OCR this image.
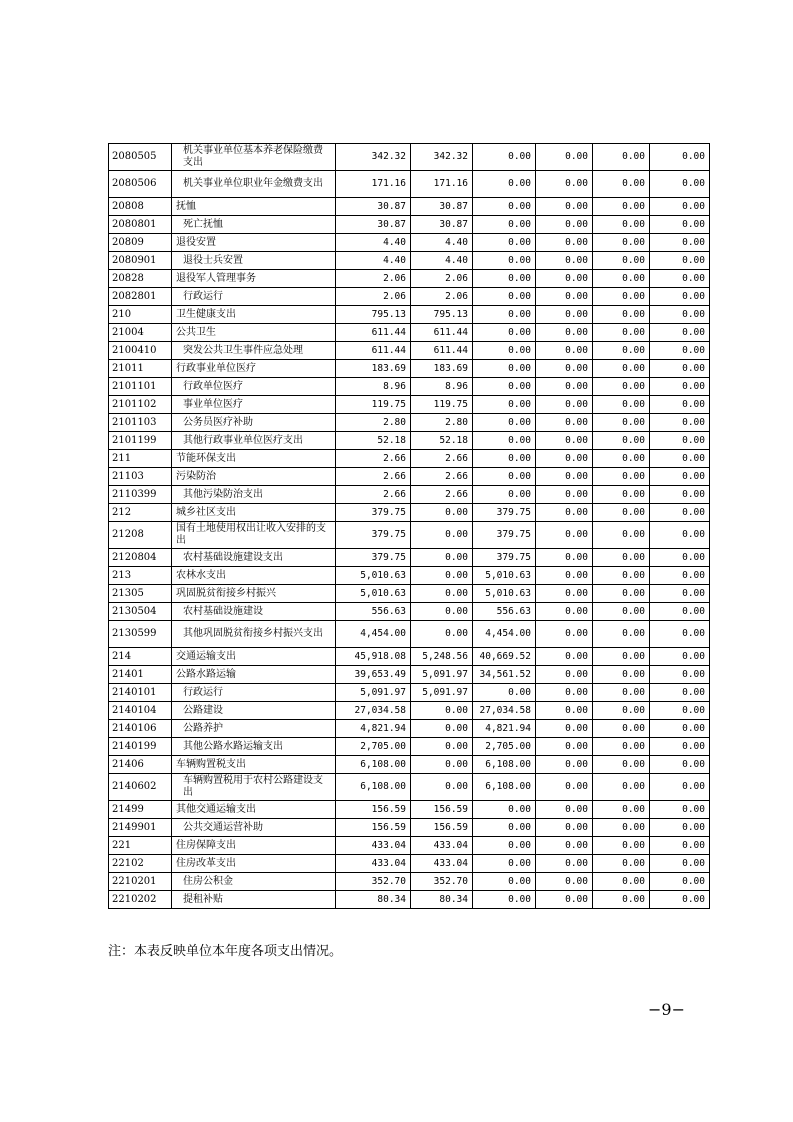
2080505	机关事业单位基本养老保险缴费支出	342.32	342.32	0.00	0.00	0.00	0.00
2080506	机关事业单位职业年金缴费支出	171.16	171.16	0.00	0.00	0.00	0.00
20808	抚恤	30.87	30.87	0.00	0.00	0.00	0.00
2080801	死亡抚恤	30.87	30.87	0.00	0.00	0.00	0.00
20809	退役安置	4.40	4.40	0.00	0.00	0.00	0.00
2080901	退役士兵安置	4.40	4.40	0.00	0.00	0.00	0.00
20828	退役军人管理事务	2.06	2.06	0.00	0.00	0.00	0.00
2082801	行政运行	2.06	2.06	0.00	0.00	0.00	0.00
210	卫生健康支出	795.13	795.13	0.00	0.00	0.00	0.00
21004	公共卫生	611.44	611.44	0.00	0.00	0.00	0.00
2100410	突发公共卫生事件应急处理	611.44	611.44	0.00	0.00	0.00	0.00
21011	行政事业单位医疗	183.69	183.69	0.00	0.00	0.00	0.00
2101101	行政单位医疗	8.96	8.96	0.00	0.00	0.00	0.00
2101102	事业单位医疗	119.75	119.75	0.00	0.00	0.00	0.00
2101103	公务员医疗补助	2.80	2.80	0.00	0.00	0.00	0.00
2101199	其他行政事业单位医疗支出	52.18	52.18	0.00	0.00	0.00	0.00
211	节能环保支出	2.66	2.66	0.00	0.00	0.00	0.00
21103	污染防治	2.66	2.66	0.00	0.00	0.00	0.00
2110399	其他污染防治支出	2.66	2.66	0.00	0.00	0.00	0.00
212	城乡社区支出	379.75	0.00	379.75	0.00	0.00	0.00
21208	国有土地使用权出让收入安排的支出	379.75	0.00	379.75	0.00	0.00	0.00
2120804	农村基础设施建设支出	379.75	0.00	379.75	0.00	0.00	0.00
213	农林水支出	5,010.63	0.00	5,010.63	0.00	0.00	0.00
21305	巩固脱贫衔接乡村振兴	5,010.63	0.00	5,010.63	0.00	0.00	0.00
2130504	农村基础设施建设	556.63	0.00	556.63	0.00	0.00	0.00
2130599	其他巩固脱贫衔接乡村振兴支出	4,454.00	0.00	4,454.00	0.00	0.00	0.00
214	交通运输支出	45,918.08	5,248.56	40,669.52	0.00	0.00	0.00
21401	公路水路运输	39,653.49	5,091.97	34,561.52	0.00	0.00	0.00
2140101	行政运行	5,091.97	5,091.97	0.00	0.00	0.00	0.00
2140104	公路建设	27,034.58	0.00	27,034.58	0.00	0.00	0.00
2140106	公路养护	4,821.94	0.00	4,821.94	0.00	0.00	0.00
2140199	其他公路水路运输支出	2,705.00	0.00	2,705.00	0.00	0.00	0.00
21406	车辆购置税支出	6,108.00	0.00	6,108.00	0.00	0.00	0.00
2140602	车辆购置税用于农村公路建设支出	6,108.00	0.00	6,108.00	0.00	0.00	0.00
21499	其他交通运输支出	156.59	156.59	0.00	0.00	0.00	0.00
2149901	公共交通运营补助	156.59	156.59	0.00	0.00	0.00	0.00
221	住房保障支出	433.04	433.04	0.00	0.00	0.00	0.00
22102	住房改革支出	433.04	433.04	0.00	0.00	0.00	0.00
2210201	住房公积金	352.70	352.70	0.00	0.00	0.00	0.00
2210202	提租补贴	80.34	80.34	0.00	0.00	0.00	0.00
注：本表反映单位本年度各项支出情况。
−9−
